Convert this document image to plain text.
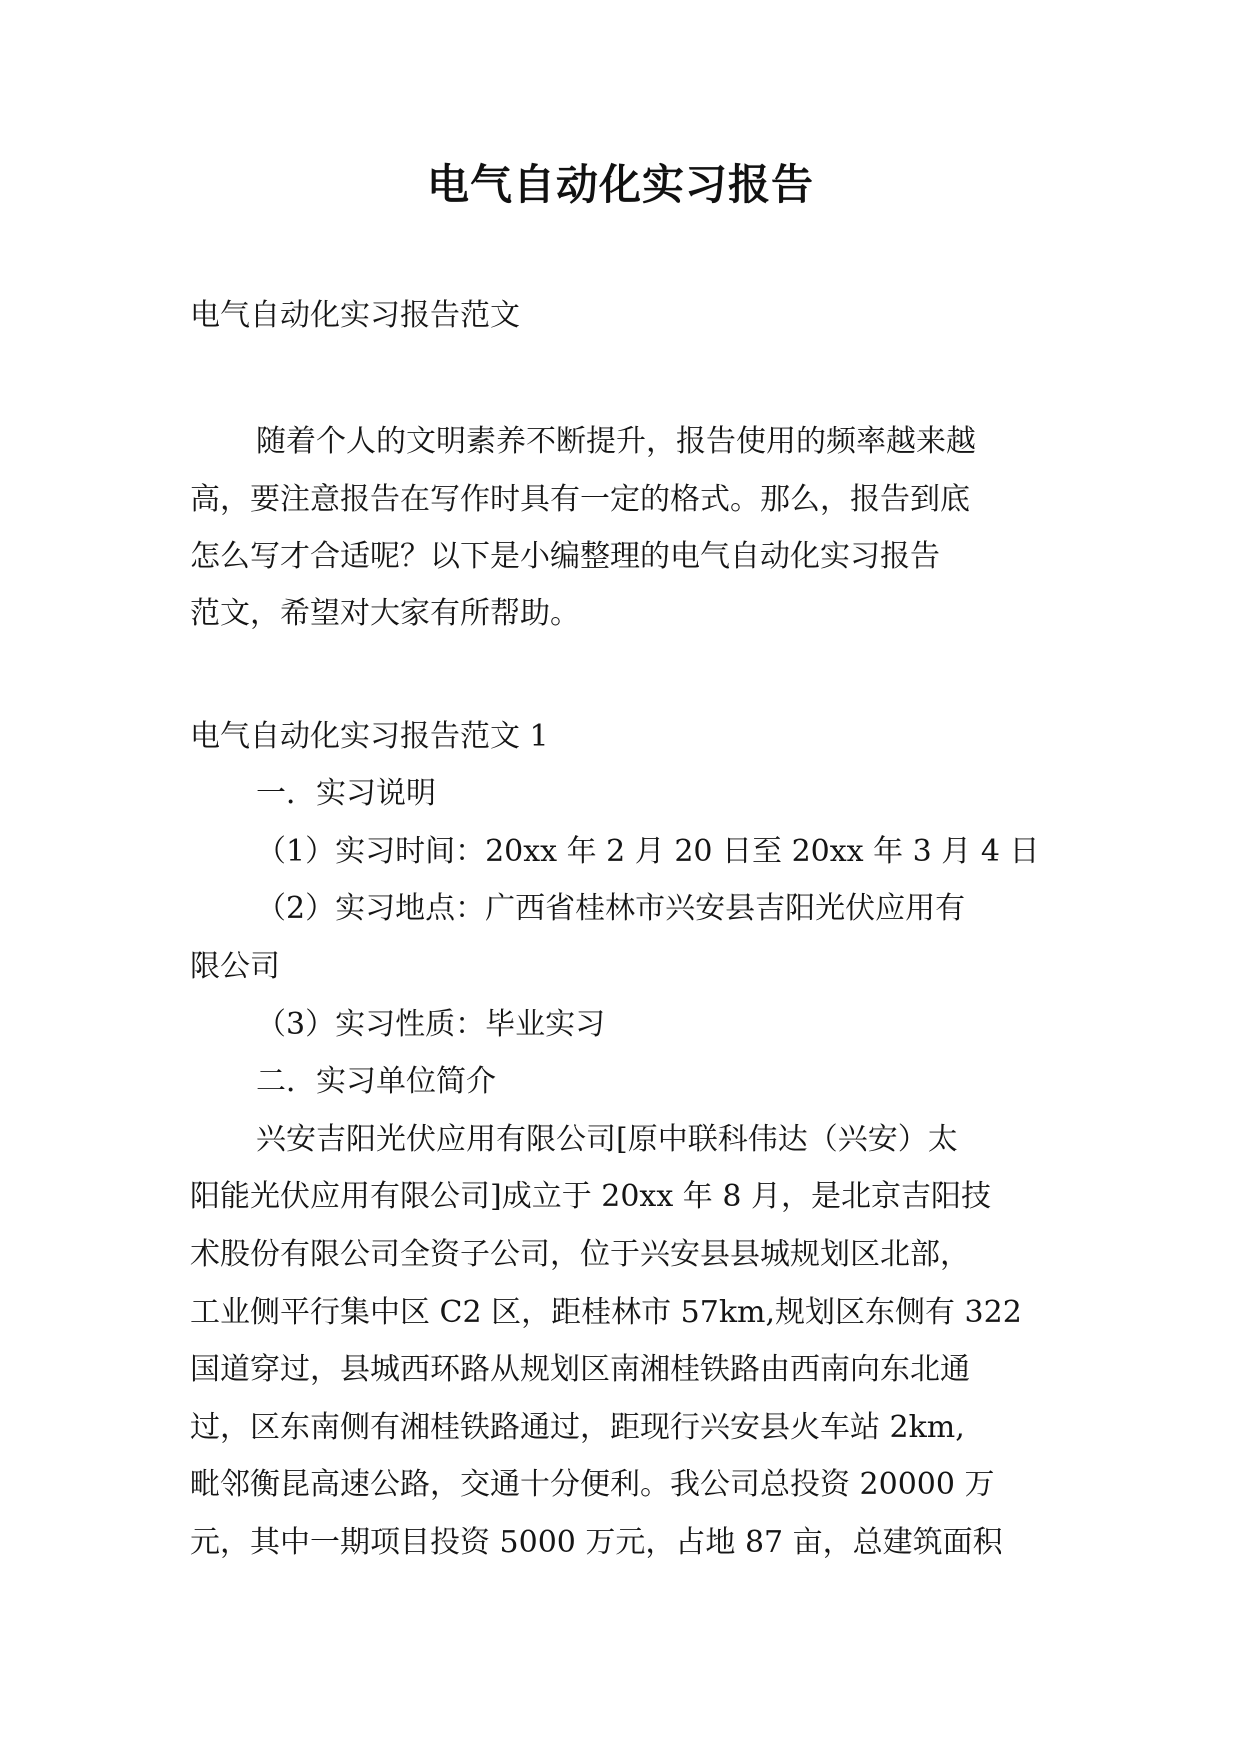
电气自动化实习报告

电气自动化实习报告范文

随着个人的文明素养不断提升，报告使用的频率越来越

高，要注意报告在写作时具有一定的格式。那么，报告到底

怎么写才合适呢？以下是小编整理的电气自动化实习报告

范文，希望对大家有所帮助。

电气自动化实习报告范文 1

一．实习说明

（1）实习时间：20xx 年 2 月 20 日至 20xx 年 3 月 4 日

（2）实习地点：广西省桂林市兴安县吉阳光伏应用有

限公司

（3）实习性质：毕业实习

二．实习单位简介

兴安吉阳光伏应用有限公司[原中联科伟达（兴安）太

阳能光伏应用有限公司]成立于 20xx 年 8 月，是北京吉阳技

术股份有限公司全资子公司，位于兴安县县城规划区北部，

工业侧平行集中区 C2 区，距桂林市 57km,规划区东侧有 322

国道穿过，县城西环路从规划区南湘桂铁路由西南向东北通

过，区东南侧有湘桂铁路通过，距现行兴安县火车站 2km,

毗邻衡昆高速公路，交通十分便利。我公司总投资 20000 万

元，其中一期项目投资 5000 万元，占地 87 亩，总建筑面积
